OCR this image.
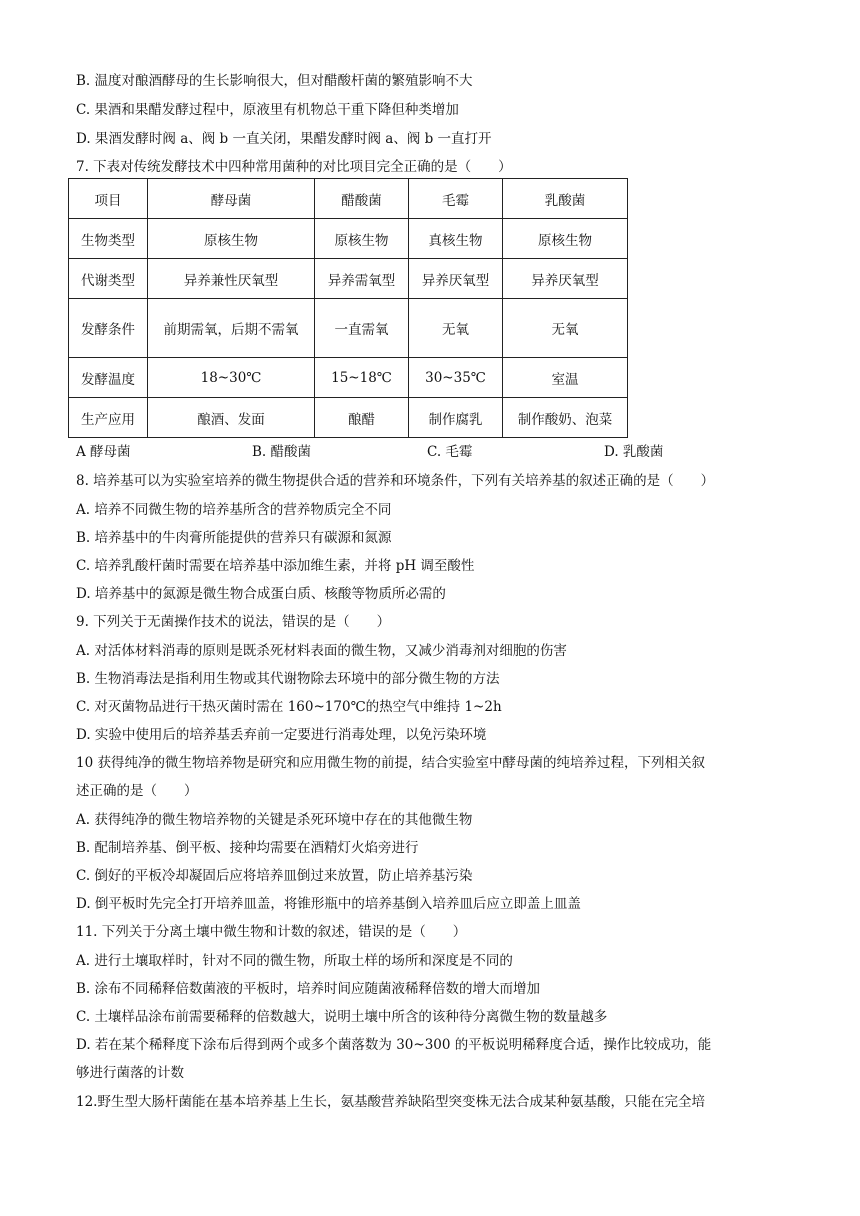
B. 温度对酿酒酵母的生长影响很大，但对醋酸杆菌的繁殖影响不大
C. 果酒和果醋发酵过程中，原液里有机物总干重下降但种类增加
D. 果酒发酵时阀 a、阀 b 一直关闭，果醋发酵时阀 a、阀 b 一直打开
7. 下表对传统发酵技术中四种常用菌种的对比项目完全正确的是（　　）
项目	酵母菌	醋酸菌	毛霉	乳酸菌
生物类型	原核生物	原核生物	真核生物	原核生物
代谢类型	异养兼性厌氧型	异养需氧型	异养厌氧型	异养厌氧型
发酵条件	前期需氧，后期不需氧	一直需氧	无氧	无氧
发酵温度	18~30℃	15~18℃	30~35℃	室温
生产应用	酿酒、发面	酿醋	制作腐乳	制作酸奶、泡菜
A 酵母菌	B. 醋酸菌	C. 毛霉	D. 乳酸菌
8. 培养基可以为实验室培养的微生物提供合适的营养和环境条件，下列有关培养基的叙述正确的是（　　）
A. 培养不同微生物的培养基所含的营养物质完全不同
B. 培养基中的牛肉膏所能提供的营养只有碳源和氮源
C. 培养乳酸杆菌时需要在培养基中添加维生素，并将 pH 调至酸性
D. 培养基中的氮源是微生物合成蛋白质、核酸等物质所必需的
9. 下列关于无菌操作技术的说法，错误的是（　　）
A. 对活体材料消毒的原则是既杀死材料表面的微生物，又减少消毒剂对细胞的伤害
B. 生物消毒法是指利用生物或其代谢物除去环境中的部分微生物的方法
C. 对灭菌物品进行干热灭菌时需在 160~170℃的热空气中维持 1~2h
D. 实验中使用后的培养基丢弃前一定要进行消毒处理，以免污染环境
10 获得纯净的微生物培养物是研究和应用微生物的前提，结合实验室中酵母菌的纯培养过程，下列相关叙
述正确的是（　　）
A. 获得纯净的微生物培养物的关键是杀死环境中存在的其他微生物
B. 配制培养基、倒平板、接种均需要在酒精灯火焰旁进行
C. 倒好的平板冷却凝固后应将培养皿倒过来放置，防止培养基污染
D. 倒平板时先完全打开培养皿盖，将锥形瓶中的培养基倒入培养皿后应立即盖上皿盖
11. 下列关于分离土壤中微生物和计数的叙述，错误的是（　　）
A. 进行土壤取样时，针对不同的微生物，所取土样的场所和深度是不同的
B. 涂布不同稀释倍数菌液的平板时，培养时间应随菌液稀释倍数的增大而增加
C. 土壤样品涂布前需要稀释的倍数越大，说明土壤中所含的该种待分离微生物的数量越多
D. 若在某个稀释度下涂布后得到两个或多个菌落数为 30~300 的平板说明稀释度合适，操作比较成功，能
够进行菌落的计数
12.野生型大肠杆菌能在基本培养基上生长，氨基酸营养缺陷型突变株无法合成某种氨基酸，只能在完全培
